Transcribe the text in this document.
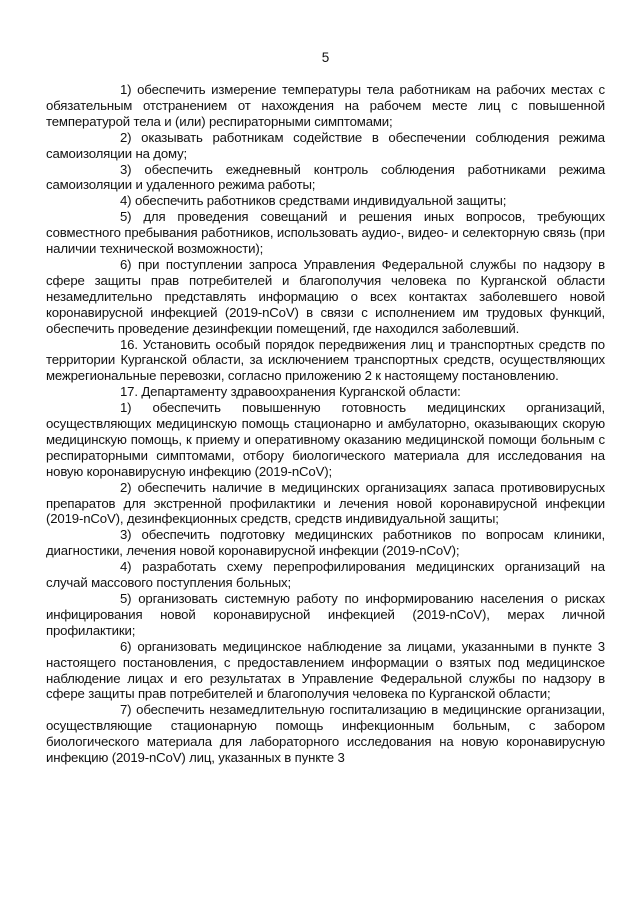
5

1) обеспечить измерение температуры тела работникам на рабочих местах с обязательным отстранением от нахождения на рабочем месте лиц с повышенной температурой тела и (или) респираторными симптомами;

2) оказывать работникам содействие в обеспечении соблюдения режима самоизоляции на дому;

3) обеспечить ежедневный контроль соблюдения работниками режима самоизоляции и удаленного режима работы;

4) обеспечить работников средствами индивидуальной защиты;

5) для проведения совещаний и решения иных вопросов, требующих совместного пребывания работников, использовать аудио-, видео- и селекторную связь (при наличии технической возможности);

6) при поступлении запроса Управления Федеральной службы по надзору в сфере защиты прав потребителей и благополучия человека по Курганской области незамедлительно представлять информацию о всех контактах заболевшего новой коронавирусной инфекцией (2019-nCoV) в связи с исполнением им трудовых функций, обеспечить проведение дезинфекции помещений, где находился заболевший.

16. Установить особый порядок передвижения лиц и транспортных средств по территории Курганской области, за исключением транспортных средств, осуществляющих межрегиональные перевозки, согласно приложению 2 к настоящему постановлению.

17. Департаменту здравоохранения Курганской области:

1) обеспечить повышенную готовность медицинских организаций, осуществляющих медицинскую помощь стационарно и амбулаторно, оказывающих скорую медицинскую помощь, к приему и оперативному оказанию медицинской помощи больным с респираторными симптомами, отбору биологического материала для исследования на новую коронавирусную инфекцию (2019-nCoV);

2) обеспечить наличие в медицинских организациях запаса противовирусных препаратов для экстренной профилактики и лечения новой коронавирусной инфекции (2019-nCoV), дезинфекционных средств, средств индивидуальной защиты;

3) обеспечить подготовку медицинских работников по вопросам клиники, диагностики, лечения новой коронавирусной инфекции (2019-nCoV);

4) разработать схему перепрофилирования медицинских организаций на случай массового поступления больных;

5) организовать системную работу по информированию населения о рисках инфицирования новой коронавирусной инфекцией (2019-nCoV), мерах личной профилактики;

6) организовать медицинское наблюдение за лицами, указанными в пункте 3 настоящего постановления, с предоставлением информации о взятых под медицинское наблюдение лицах и его результатах в Управление Федеральной службы по надзору в сфере защиты прав потребителей и благополучия человека по Курганской области;

7) обеспечить незамедлительную госпитализацию в медицинские организации, осуществляющие стационарную помощь инфекционным больным, с забором биологического материала для лабораторного исследования на новую коронавирусную инфекцию (2019-nCoV) лиц, указанных в пункте 3
